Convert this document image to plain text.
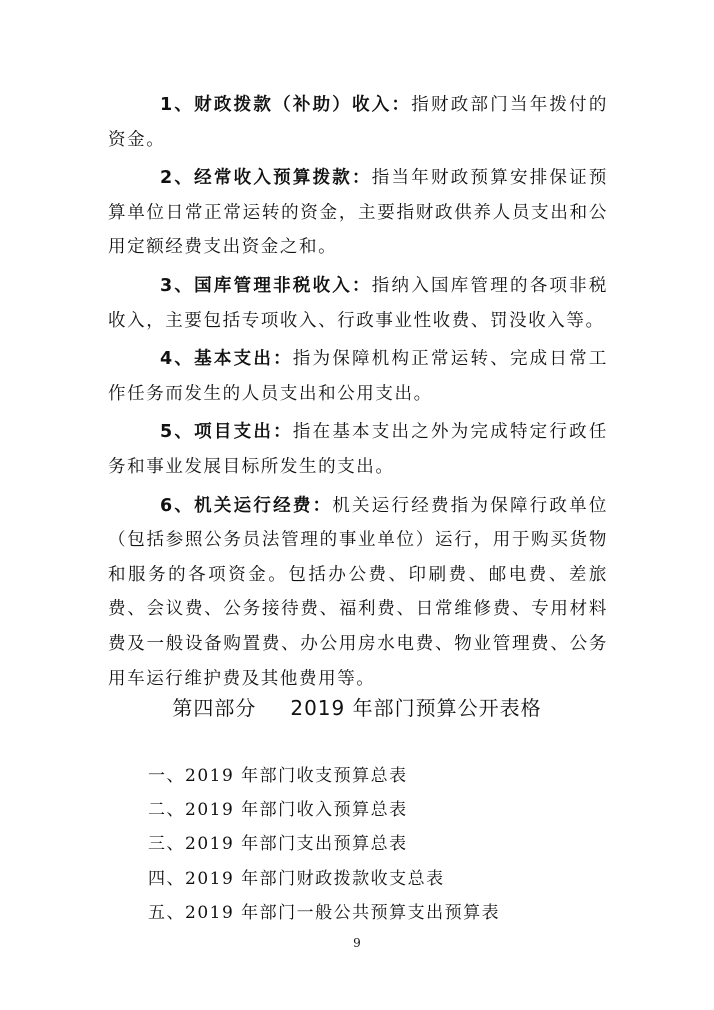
1、财政拨款（补助）收入：指财政部门当年拨付的资金。

2、经常收入预算拨款：指当年财政预算安排保证预算单位日常正常运转的资金，主要指财政供养人员支出和公用定额经费支出资金之和。

3、国库管理非税收入：指纳入国库管理的各项非税收入，主要包括专项收入、行政事业性收费、罚没收入等。

4、基本支出：指为保障机构正常运转、完成日常工作任务而发生的人员支出和公用支出。

5、项目支出：指在基本支出之外为完成特定行政任务和事业发展目标所发生的支出。

6、机关运行经费：机关运行经费指为保障行政单位（包括参照公务员法管理的事业单位）运行，用于购买货物和服务的各项资金。包括办公费、印刷费、邮电费、差旅费、会议费、公务接待费、福利费、日常维修费、专用材料费及一般设备购置费、办公用房水电费、物业管理费、公务用车运行维护费及其他费用等。

第四部分 2019 年部门预算公开表格
一、2019 年部门收支预算总表
二、2019 年部门收入预算总表
三、2019 年部门支出预算总表
四、2019 年部门财政拨款收支总表
五、2019 年部门一般公共预算支出预算表
9
